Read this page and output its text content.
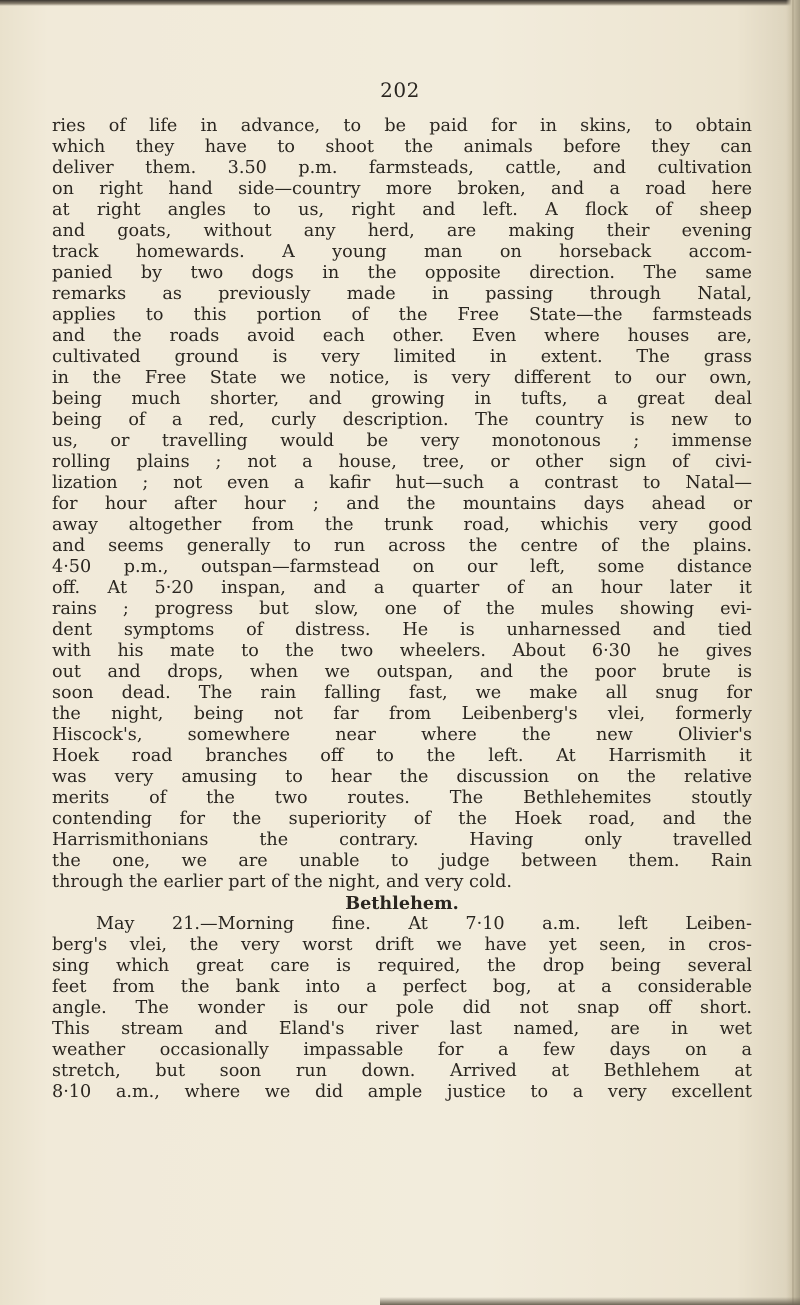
202
ries of life in advance, to be paid for in skins, to obtain
which they have to shoot the animals before they can
deliver them. 3.50 p.m. farmsteads, cattle, and cultivation
on right hand side—country more broken, and a road here
at right angles to us, right and left. A flock of sheep
and goats, without any herd, are making their evening
track homewards. A young man on horseback accom-
panied by two dogs in the opposite direction. The same
remarks as previously made in passing through Natal,
applies to this portion of the Free State—the farmsteads
and the roads avoid each other. Even where houses are,
cultivated ground is very limited in extent. The grass
in the Free State we notice, is very different to our own,
being much shorter, and growing in tufts, a great deal
being of a red, curly description. The country is new to
us, or travelling would be very monotonous ; immense
rolling plains ; not a house, tree, or other sign of civi-
lization ; not even a kafir hut—such a contrast to Natal—
for hour after hour ; and the mountains days ahead or
away altogether from the trunk road, whichis very good
and seems generally to run across the centre of the plains.
4·50 p.m., outspan—farmstead on our left, some distance
off. At 5·20 inspan, and a quarter of an hour later it
rains ; progress but slow, one of the mules showing evi-
dent symptoms of distress. He is unharnessed and tied
with his mate to the two wheelers. About 6·30 he gives
out and drops, when we outspan, and the poor brute is
soon dead. The rain falling fast, we make all snug for
the night, being not far from Leibenberg's vlei, formerly
Hiscock's, somewhere near where the new Olivier's
Hoek road branches off to the left. At Harrismith it
was very amusing to hear the discussion on the relative
merits of the two routes. The Bethlehemites stoutly
contending for the superiority of the Hoek road, and the
Harrismithonians the contrary. Having only travelled
the one, we are unable to judge between them. Rain
through the earlier part of the night, and very cold.
Bethlehem.
May 21.—Morning fine. At 7·10 a.m. left Leiben-
berg's vlei, the very worst drift we have yet seen, in cros-
sing which great care is required, the drop being several
feet from the bank into a perfect bog, at a considerable
angle. The wonder is our pole did not snap off short.
This stream and Eland's river last named, are in wet
weather occasionally impassable for a few days on a
stretch, but soon run down. Arrived at Bethlehem at
8·10 a.m., where we did ample justice to a very excellent
